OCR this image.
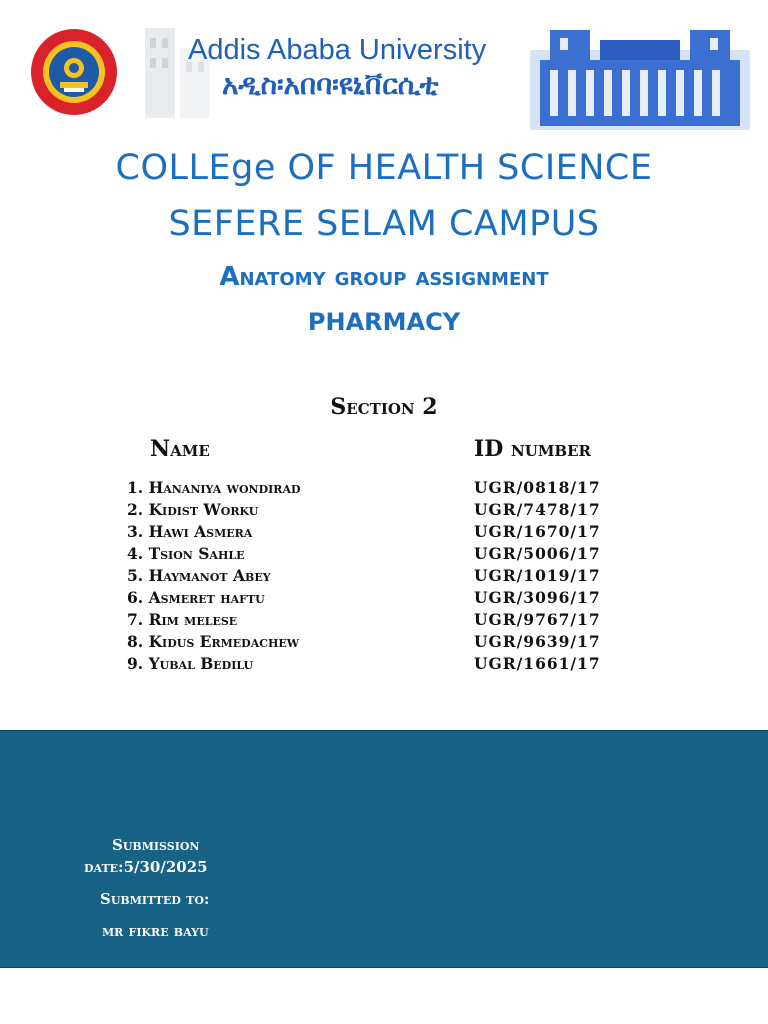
Addis Ababa University
አዲስ፡አበባ፡ዩኒቨርሲቲ
COLLEge OF HEALTH SCIENCE
SEFERE SELAM CAMPUS
Anatomy group assignment
PHARMACY
Section 2
Name	ID number
1. Hananiya wondirad	UGR/0818/17
2. Kidist Worku	UGR/7478/17
3. Hawi Asmera	UGR/1670/17
4. Tsion Sahle	UGR/5006/17
5. Haymanot Abey	UGR/1019/17
6. Asmeret haftu	UGR/3096/17
7. Rim melese	UGR/9767/17
8. Kidus Ermedachew	UGR/9639/17
9. Yubal Bedilu	UGR/1661/17
Submission
date:5/30/2025
Submitted to:
mr fikre bayu
